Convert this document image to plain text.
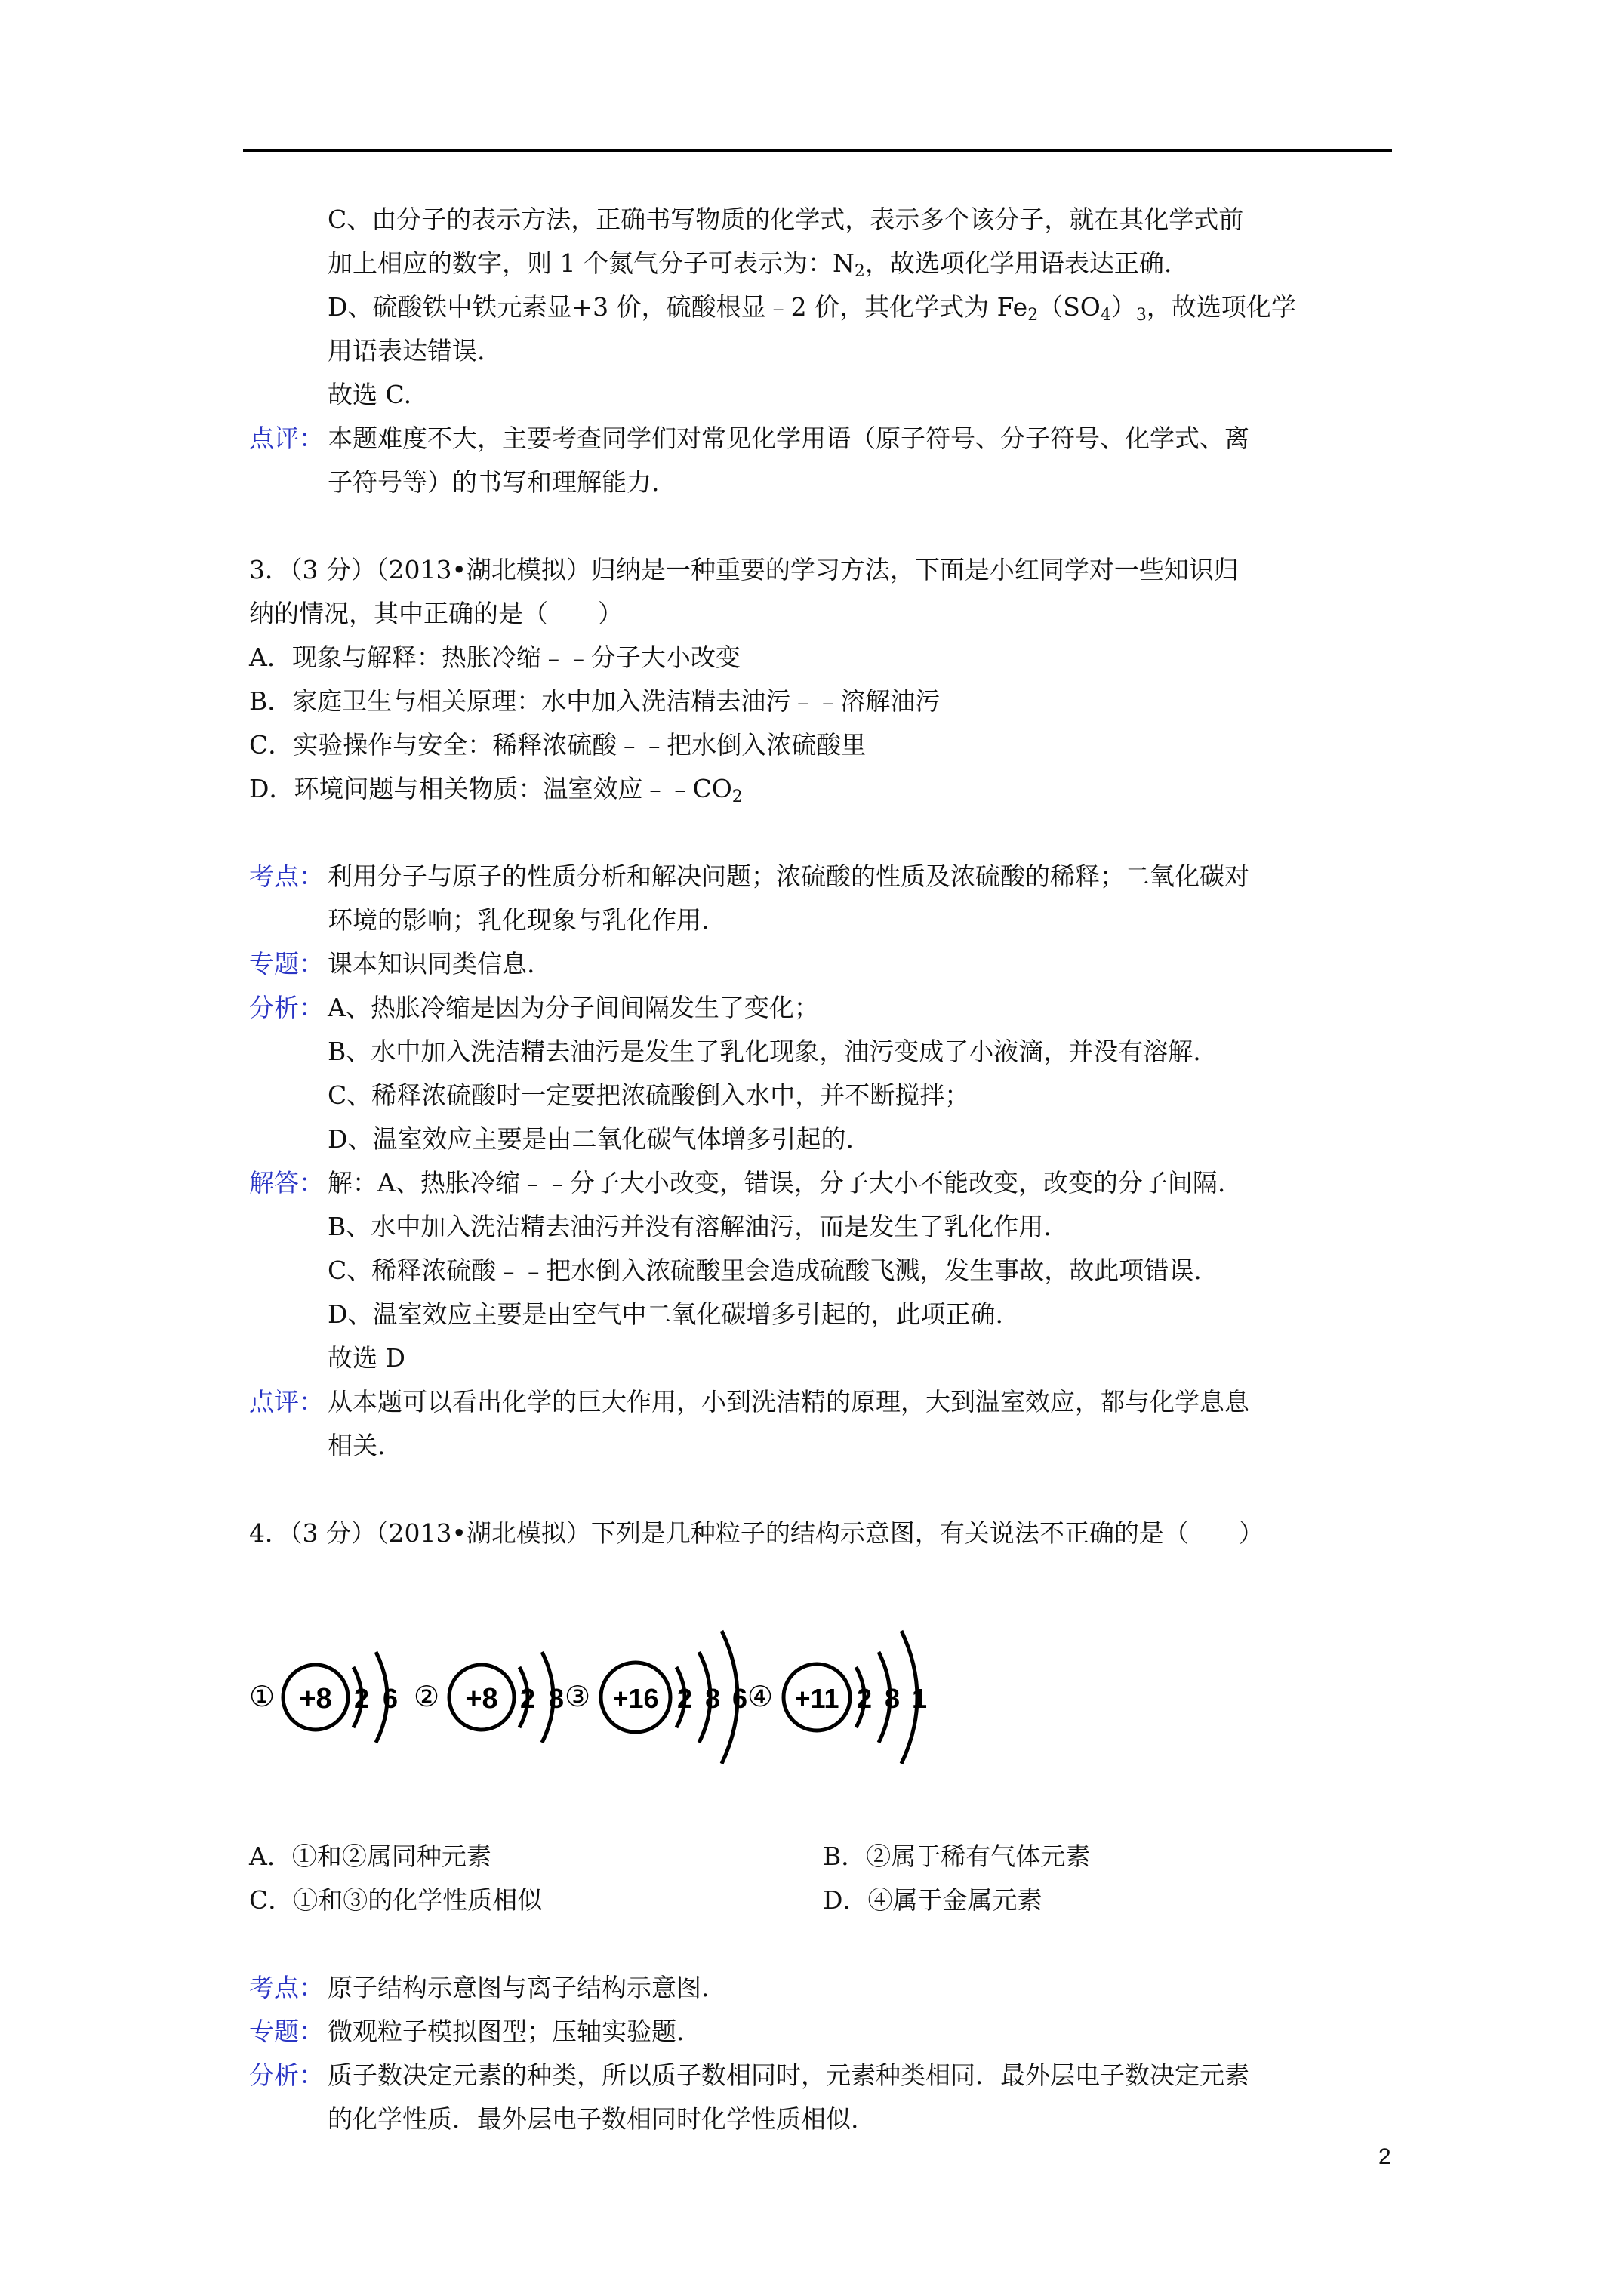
C、由分子的表示方法，正确书写物质的化学式，表示多个该分子，就在其化学式前
加上相应的数字，则 1 个氮气分子可表示为：$N_2$，故选项化学用语表达正确.
D、硫酸铁中铁元素显+3 价，硫酸根显﹣2 价，其化学式为 $Fe_2(SO_4)_3$，故选项化学
用语表达错误.
故选 C.
点评： 本题难度不大，主要考查同学们对常见化学用语（原子符号、分子符号、化学式、离
子符号等）的书写和理解能力.
3．（3 分）（2013•湖北模拟）归纳是一种重要的学习方法，下面是小红同学对一些知识归
纳的情况，其中正确的是（　　）
A．现象与解释：热胀冷缩﹣﹣分子大小改变
B．家庭卫生与相关原理：水中加入洗洁精去油污﹣﹣溶解油污
C．实验操作与安全：稀释浓硫酸﹣﹣把水倒入浓硫酸里
D．环境问题与相关物质：温室效应$﹣﹣CO_2$
考点： 利用分子与原子的性质分析和解决问题；浓硫酸的性质及浓硫酸的稀释；二氧化碳对
环境的影响；乳化现象与乳化作用.
专题： 课本知识同类信息.
分析： A、热胀冷缩是因为分子间间隔发生了变化；
B、水中加入洗洁精去油污是发生了乳化现象，油污变成了小液滴，并没有溶解.
C、稀释浓硫酸时一定要把浓硫酸倒入水中，并不断搅拌；
D、温室效应主要是由二氧化碳气体增多引起的.
解答： 解：A、热胀冷缩﹣﹣分子大小改变，错误，分子大小不能改变，改变的分子间隔.
B、水中加入洗洁精去油污并没有溶解油污，而是发生了乳化作用.
C、稀释浓硫酸﹣﹣把水倒入浓硫酸里会造成硫酸飞溅，发生事故，故此项错误.
D、温室效应主要是由空气中二氧化碳增多引起的，此项正确.
故选 D
点评： 从本题可以看出化学的巨大作用，小到洗洁精的原理，大到温室效应，都与化学息息
相关.
4．（3 分）（2013•湖北模拟）下列是几种粒子的结构示意图，有关说法不正确的是（　　）
① +8 2 6 ② +8 2 8 ③ +16 2 8 6 ④ +11 2 8 1
A．①和②属同种元素	B．②属于稀有气体元素
C．①和③的化学性质相似	D．④属于金属元素
考点： 原子结构示意图与离子结构示意图.
专题： 微观粒子模拟图型；压轴实验题.
分析： 质子数决定元素的种类，所以质子数相同时，元素种类相同．最外层电子数决定元素
的化学性质．最外层电子数相同时化学性质相似.
2
